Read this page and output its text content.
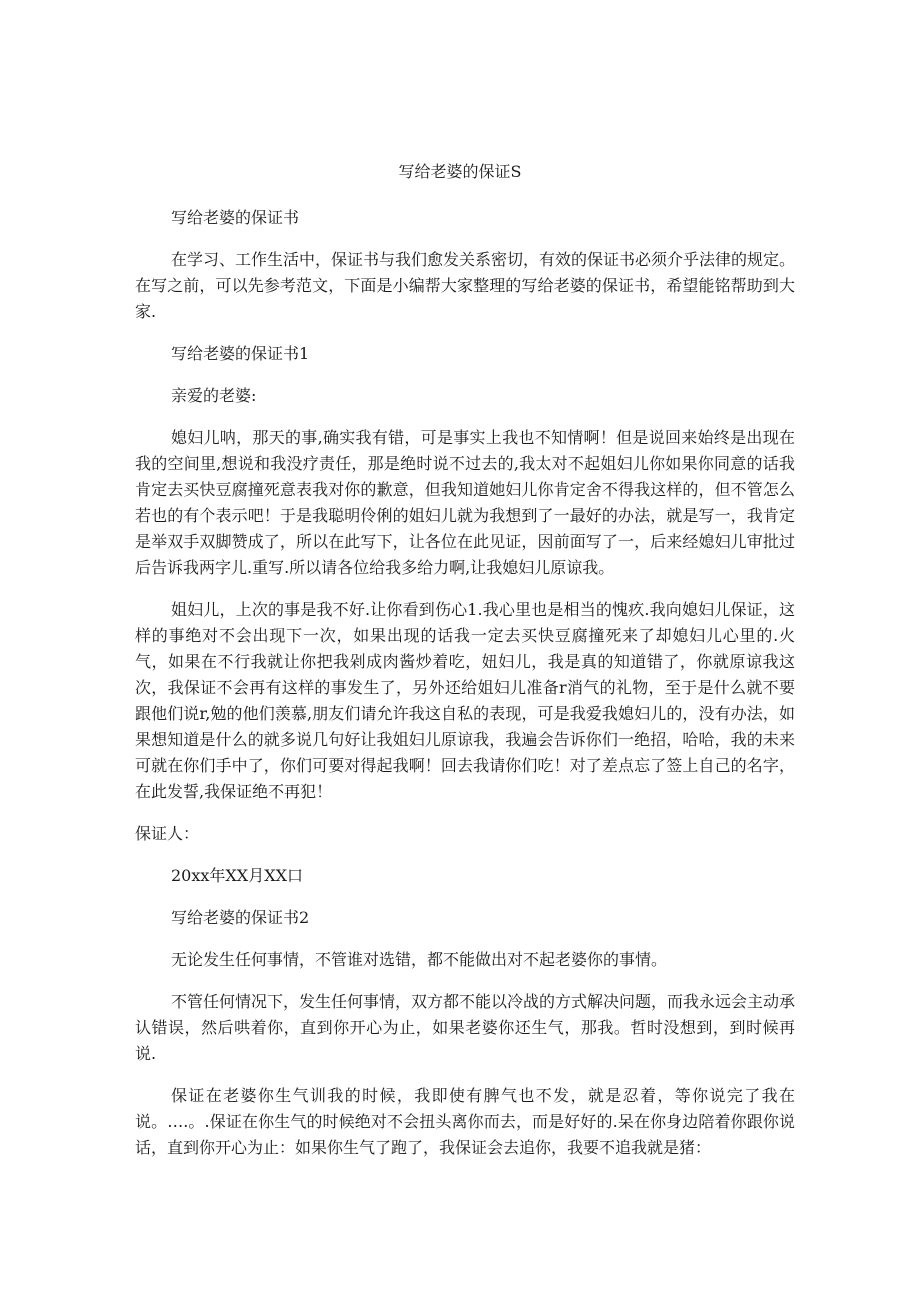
写给老婆的保证S

写给老婆的保证书

在学习、工作生活中，保证书与我们愈发关系密切，有效的保证书必须介乎法律的规定。在写之前，可以先参考范文，下面是小编帮大家整理的写给老婆的保证书，希望能铭帮助到大家.

写给老婆的保证书1

亲爱的老婆:

媳妇儿呐，那天的事,确实我有错，可是事实上我也不知情啊！但是说回来始终是出现在我的空间里,想说和我没疗责任，那是绝时说不过去的,我太对不起姐妇儿你如果你同意的话我肯定去买快豆腐撞死意表我对你的歉意，但我知道她妇儿你肯定舍不得我这样的，但不管怎么若也的有个表示吧！于是我聪明伶俐的姐妇儿就为我想到了一最好的办法，就是写一，我肯定是举双手双脚赞成了，所以在此写下，让各位在此见证，因前面写了一，后来经媳妇儿审批过后告诉我两字儿.重写.所以请各位给我多给力啊,让我媳妇儿原谅我。

姐妇儿，上次的事是我不好.让你看到伤心1.我心里也是相当的愧疚.我向媳妇儿保证，这样的事绝对不会出现下一次，如果出现的话我一定去买快豆腐撞死来了却媳妇儿心里的.火气，如果在不行我就让你把我剁成肉酱炒着吃，妞妇儿，我是真的知道错了，你就原谅我这次，我保证不会再有这样的事发生了，另外还给姐妇儿准备r消气的礼物，至于是什么就不要跟他们说r,勉的他们羡慕,朋友们请允许我这自私的表现，可是我爱我媳妇儿的，没有办法，如果想知道是什么的就多说几句好让我姐妇儿原谅我，我遍会告诉你们一绝招，哈哈，我的未来可就在你们手中了，你们可要对得起我啊！回去我请你们吃！对了差点忘了签上自己的名字，在此发誓,我保证绝不再犯！

保证人：

20xx年XX月XX口

写给老婆的保证书2

无论发生任何事情，不管谁对选错，都不能做出对不起老婆你的事情。

不管任何情况下，发生任何事情，双方都不能以冷战的方式解决问题，而我永远会主动承认错误，然后哄着你，直到你开心为止，如果老婆你还生气，那我。哲时没想到，到时候再说.

保证在老婆你生气训我的时候，我即使有脾气也不发，就是忍着，等你说完了我在说。….。.保证在你生气的时候绝对不会扭头离你而去，而是好好的.呆在你身边陪着你跟你说话，直到你开心为止：如果你生气了跑了，我保证会去追你，我要不追我就是猪：
